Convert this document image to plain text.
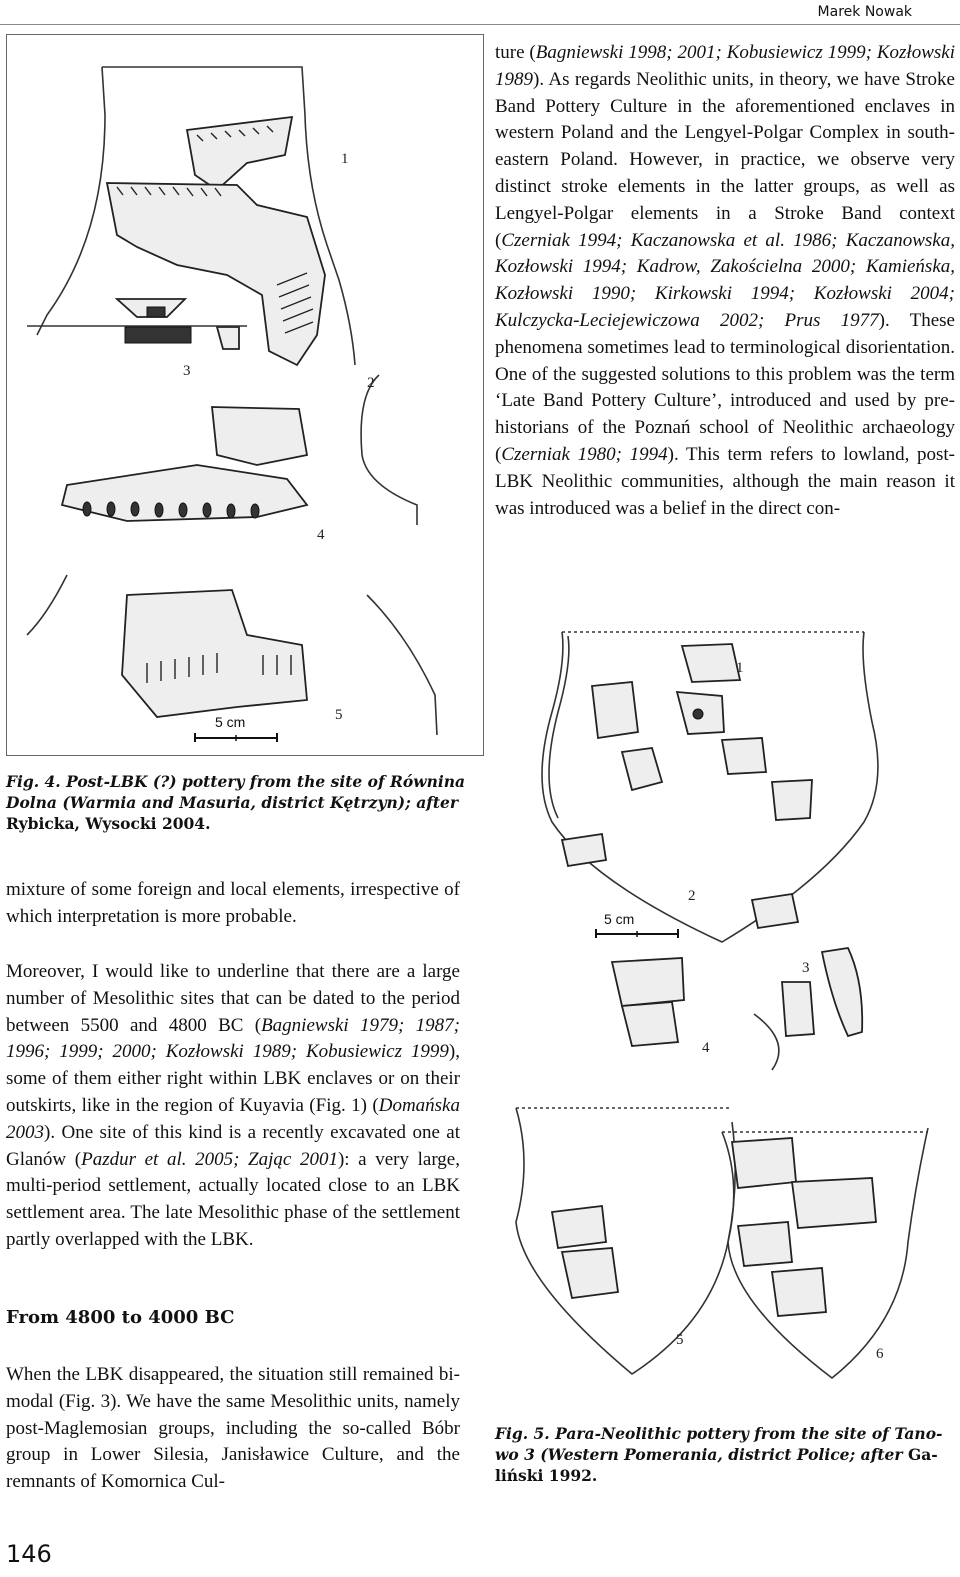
Marek Nowak
5 cm
1
2
3
4
5
Fig. 4. Post-LBK (?) pottery from the site of Równina Dolna (Warmia and Masuria, district Kętrzyn); after Rybicka, Wysocki 2004.

ture (Bagniewski 1998; 2001; Kobusiewicz 1999; Kozłowski 1989). As regards Neolithic units, in theory, we have Stroke Band Pottery Culture in the aforementioned enclaves in western Poland and the Lengyel-Polgar Complex in south-eastern Poland. However, in practice, we observe very distinct stroke elements in the latter groups, as well as Lengyel-Polgar elements in a Stroke Band context (Czerniak 1994; Kaczanowska et al. 1986; Kaczanowska, Kozłowski 1994; Kadrow, Zakościelna 2000; Kamieńska, Kozłowski 1990; Kirkowski 1994; Kozłowski 2004; Kulczycka-Leciejewiczowa 2002; Prus 1977). These phenomena sometimes lead to terminological disorientation. One of the suggested solutions to this problem was the term ‘Late Band Pottery Culture’, introduced and used by pre-historians of the Poznań school of Neolithic archaeology (Czerniak 1980; 1994). This term refers to lowland, post-LBK Neolithic communities, although the main reason it was introduced was a belief in the direct con-

5 cm
1
2
3
4
5
6
Fig. 5. Para-Neolithic pottery from the site of Tanowo 3 (Western Pomerania, district Police; after Galiński 1992.

mixture of some foreign and local elements, irrespective of which interpretation is more probable.

Moreover, I would like to underline that there are a large number of Mesolithic sites that can be dated to the period between 5500 and 4800 BC (Bagniewski 1979; 1987; 1996; 1999; 2000; Kozłowski 1989; Kobusiewicz 1999), some of them either right within LBK enclaves or on their outskirts, like in the region of Kuyavia (Fig. 1) (Domańska 2003). One site of this kind is a recently excavated one at Glanów (Pazdur et al. 2005; Zając 2001): a very large, multi-period settlement, actually located close to an LBK settlement area. The late Mesolithic phase of the settlement partly overlapped with the LBK.

From 4800 to 4000 BC

When the LBK disappeared, the situation still remained bi-modal (Fig. 3). We have the same Mesolithic units, namely post-Maglemosian groups, including the so-called Bóbr group in Lower Silesia, Janisławice Culture, and the remnants of Komornica Cul-

146
